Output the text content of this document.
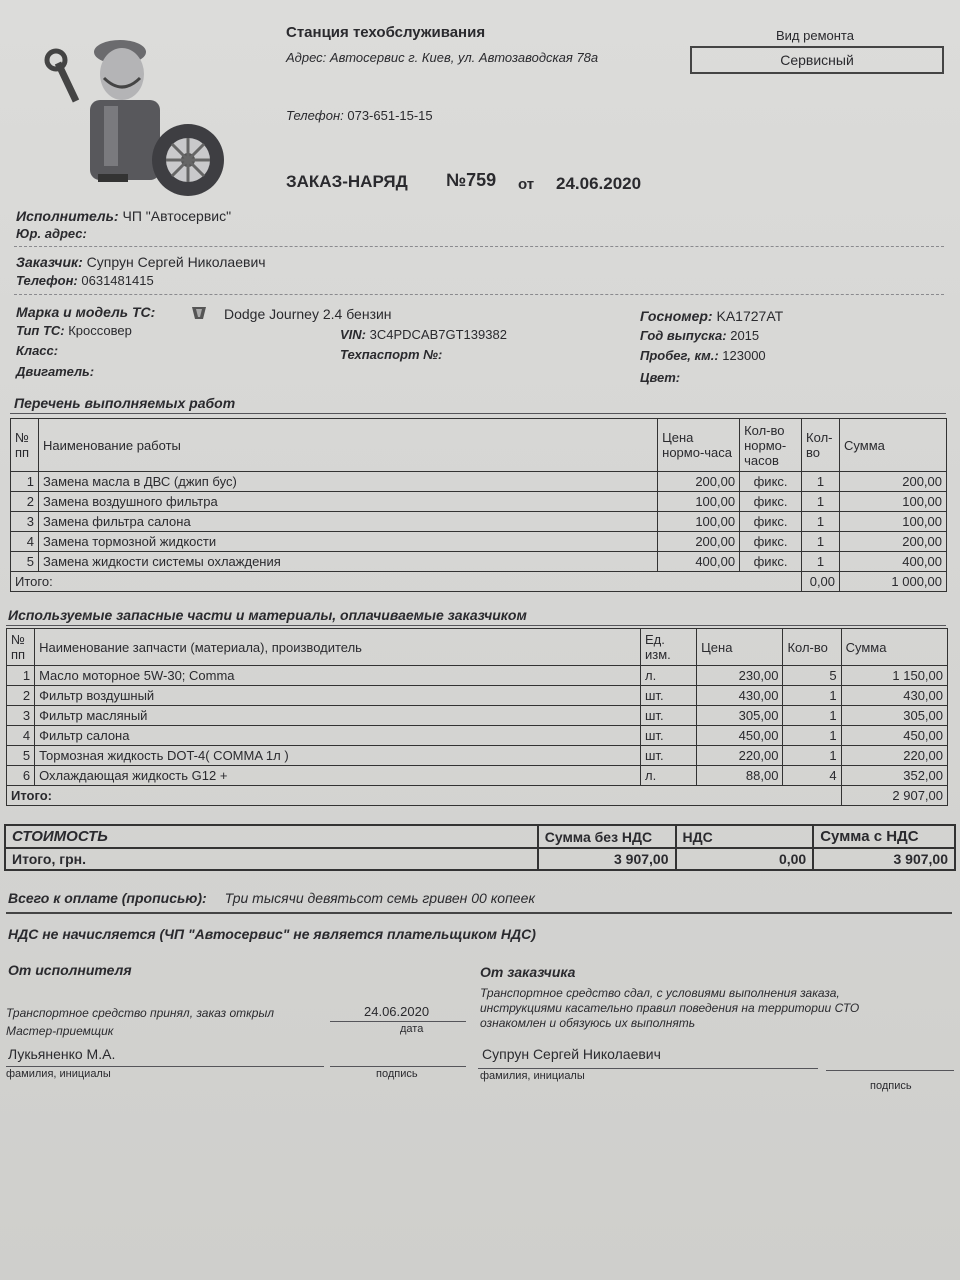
Станция техобслуживания
Адрес: Автосервис г. Киев, ул. Автозаводская 78а
Телефон: 073-651-15-15
Вид ремонта
Сервисный
ЗАКАЗ-НАРЯД №759 от 24.06.2020
Исполнитель: ЧП "Автосервис"
Юр. адрес:
Заказчик: Супрун Сергей Николаевич
Телефон: 0631481415
Марка и модель ТС:	Dodge Journey 2.4 бензин
Тип ТС: Кроссовер
Класс:
Двигатель:
VIN: 3C4PDCAB7GT139382
Техпаспорт №:
Госномер: KA1727AT
Год выпуска: 2015
Пробег, км.: 123000
Цвет:
Перечень выполняемых работ
№ пп	Наименование работы	Цена нормо-часа	Кол-во нормо-часов	Кол-во	Сумма
1	Замена масла в ДВС (джип бус)	200,00	фикс.	1	200,00
2	Замена воздушного фильтра	100,00	фикс.	1	100,00
3	Замена фильтра салона	100,00	фикс.	1	100,00
4	Замена тормозной жидкости	200,00	фикс.	1	200,00
5	Замена жидкости системы охлаждения	400,00	фикс.	1	400,00
Итого:				0,00	1 000,00
Используемые запасные части и материалы, оплачиваемые заказчиком
№ пп	Наименование запчасти (материала), производитель	Ед. изм.	Цена	Кол-во	Сумма
1	Масло моторное 5W-30; Comma	л.	230,00	5	1 150,00
2	Фильтр воздушный	шт.	430,00	1	430,00
3	Фильтр масляный	шт.	305,00	1	305,00
4	Фильтр салона	шт.	450,00	1	450,00
5	Тормозная жидкость DOT-4( COMMA 1л )	шт.	220,00	1	220,00
6	Охлаждающая жидкость G12 +	л.	88,00	4	352,00
Итого:					2 907,00
СТОИМОСТЬ	Сумма без НДС	НДС	Сумма с НДС
Итого, грн.	3 907,00	0,00	3 907,00
Всего к оплате (прописью): Три тысячи девятьсот семь гривен 00 копеек
НДС не начисляется (ЧП "Автосервис" не является плательщиком НДС)
От исполнителя
Транспортное средство принял, заказ открыл	24.06.2020
дата
Мастер-приемщик
Лукьяненко М.А.
фамилия, инициалы	подпись
От заказчика
Транспортное средство сдал, с условиями выполнения заказа,
инструкциями касательно правил поведения на территории СТО
ознакомлен и обязуюсь их выполнять
Супрун Сергей Николаевич
фамилия, инициалы
подпись
